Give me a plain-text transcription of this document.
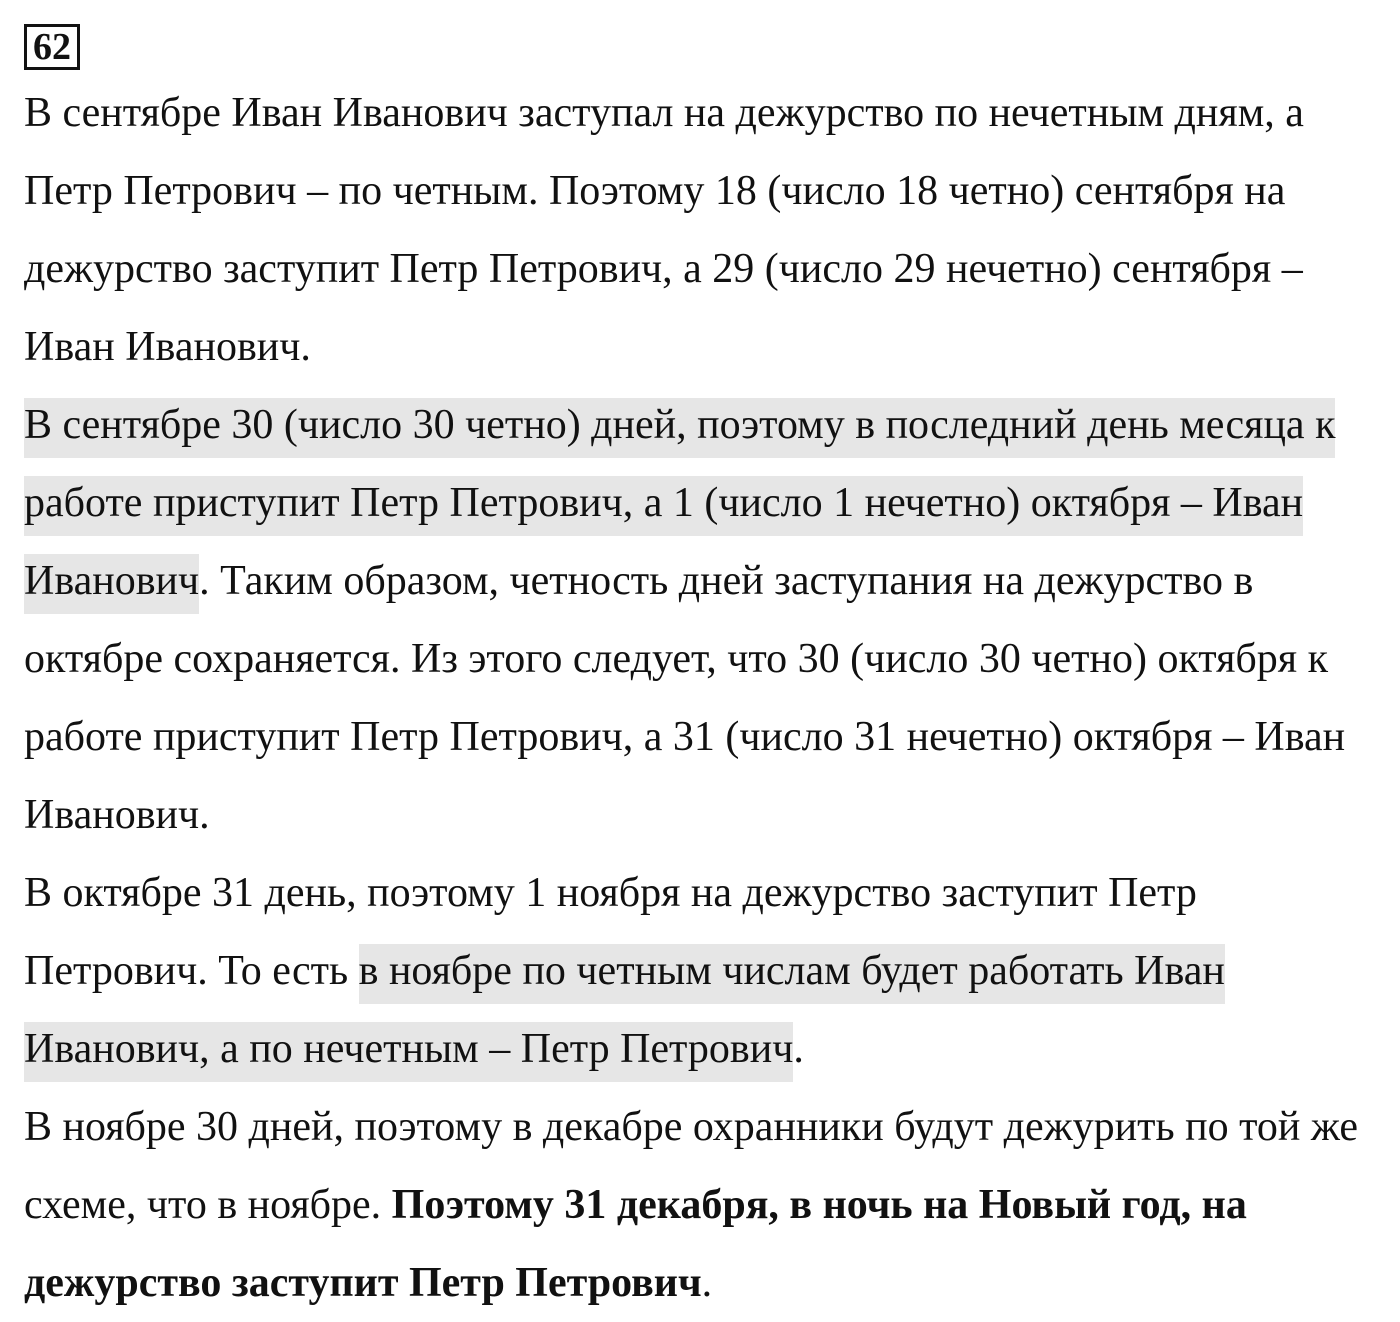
62

В сентябре Иван Иванович заступал на дежурство по нечетным дням, а Петр Петрович – по четным. Поэтому 18 (число 18 четно) сентября на дежурство заступит Петр Петрович, а 29 (число 29 нечетно) сентября – Иван Иванович.

В сентябре 30 (число 30 четно) дней, поэтому в последний день месяца к работе приступит Петр Петрович, а 1 (число 1 нечетно) октября – Иван Иванович. Таким образом, четность дней заступания на дежурство в октябре сохраняется. Из этого следует, что 30 (число 30 четно) октября к работе приступит Петр Петрович, а 31 (число 31 нечетно) октября – Иван Иванович.

В октябре 31 день, поэтому 1 ноября на дежурство заступит Петр Петрович. То есть в ноябре по четным числам будет работать Иван Иванович, а по нечетным – Петр Петрович.

В ноябре 30 дней, поэтому в декабре охранники будут дежурить по той же схеме, что в ноябре. Поэтому 31 декабря, в ночь на Новый год, на дежурство заступит Петр Петрович.
